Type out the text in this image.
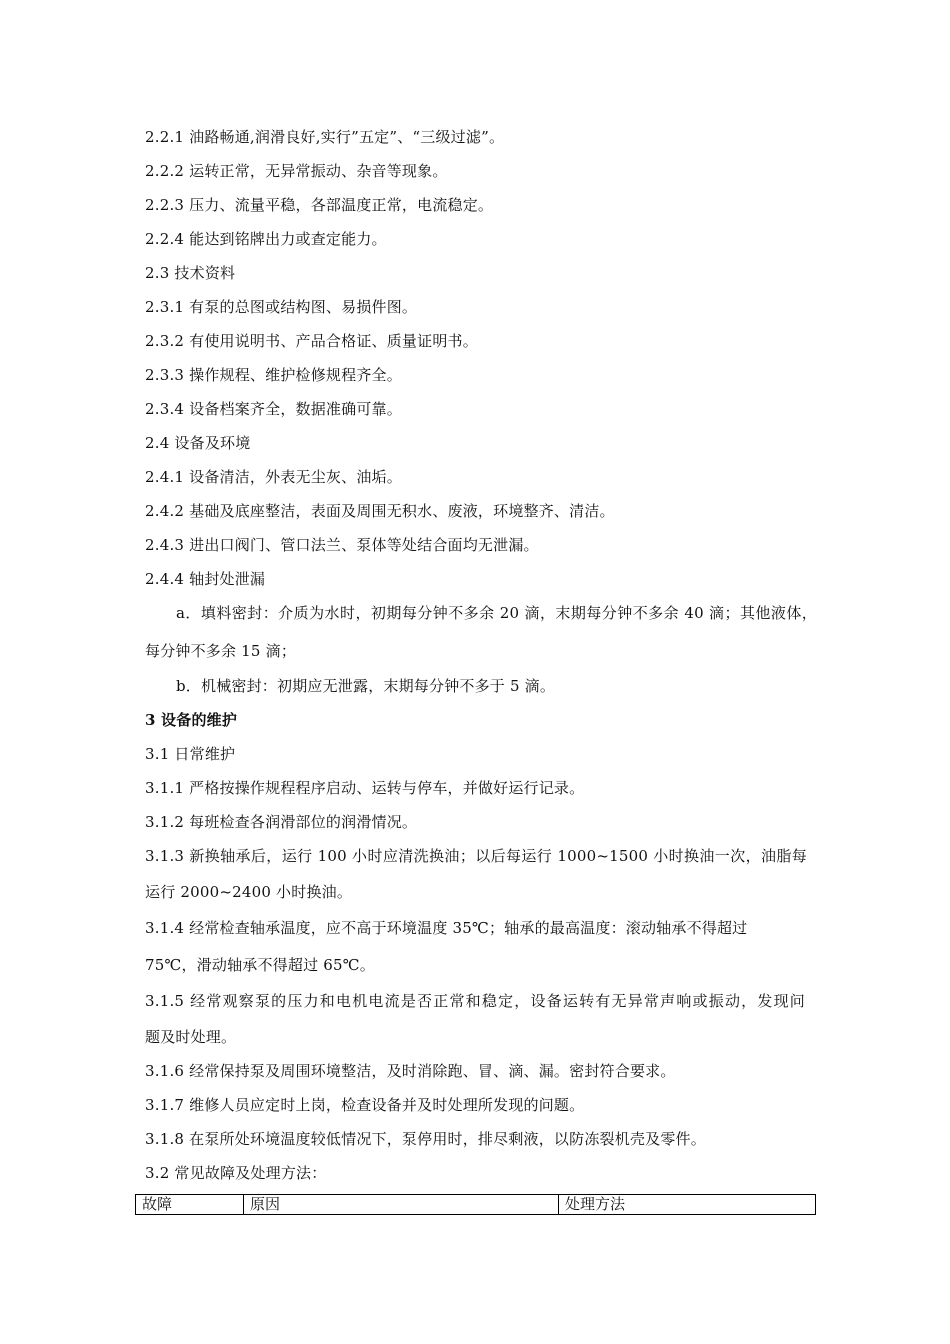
2.2.1 油路畅通,润滑良好,实行”五定”、“三级过滤”。
2.2.2 运转正常，无异常振动、杂音等现象。
2.2.3 压力、流量平稳，各部温度正常，电流稳定。
2.2.4 能达到铭牌出力或查定能力。
2.3 技术资料
2.3.1 有泵的总图或结构图、易损件图。
2.3.2 有使用说明书、产品合格证、质量证明书。
2.3.3 操作规程、维护检修规程齐全。
2.3.4 设备档案齐全，数据准确可靠。
2.4 设备及环境
2.4.1 设备清洁，外表无尘灰、油垢。
2.4.2 基础及底座整洁，表面及周围无积水、废液，环境整齐、清洁。
2.4.3 进出口阀门、管口法兰、泵体等处结合面均无泄漏。
2.4.4 轴封处泄漏
a．填料密封：介质为水时，初期每分钟不多余 20 滴，末期每分钟不多余 40 滴；其他液体，
每分钟不多余 15 滴；
b．机械密封：初期应无泄露，末期每分钟不多于 5 滴。
3 设备的维护
3.1 日常维护
3.1.1 严格按操作规程程序启动、运转与停车，并做好运行记录。
3.1.2 每班检查各润滑部位的润滑情况。
3.1.3 新换轴承后，运行 100 小时应清洗换油；以后每运行 1000~1500 小时换油一次，油脂每
运行 2000~2400 小时换油。
3.1.4 经常检查轴承温度，应不高于环境温度 35℃；轴承的最高温度：滚动轴承不得超过
75℃，滑动轴承不得超过 65℃。
3.1.5 经常观察泵的压力和电机电流是否正常和稳定，设备运转有无异常声响或振动，发现问
题及时处理。
3.1.6 经常保持泵及周围环境整洁，及时消除跑、冒、滴、漏。密封符合要求。
3.1.7 维修人员应定时上岗，检查设备并及时处理所发现的问题。
3.1.8 在泵所处环境温度较低情况下，泵停用时，排尽剩液，以防冻裂机壳及零件。
3.2 常见故障及处理方法：
故障	原因	处理方法
